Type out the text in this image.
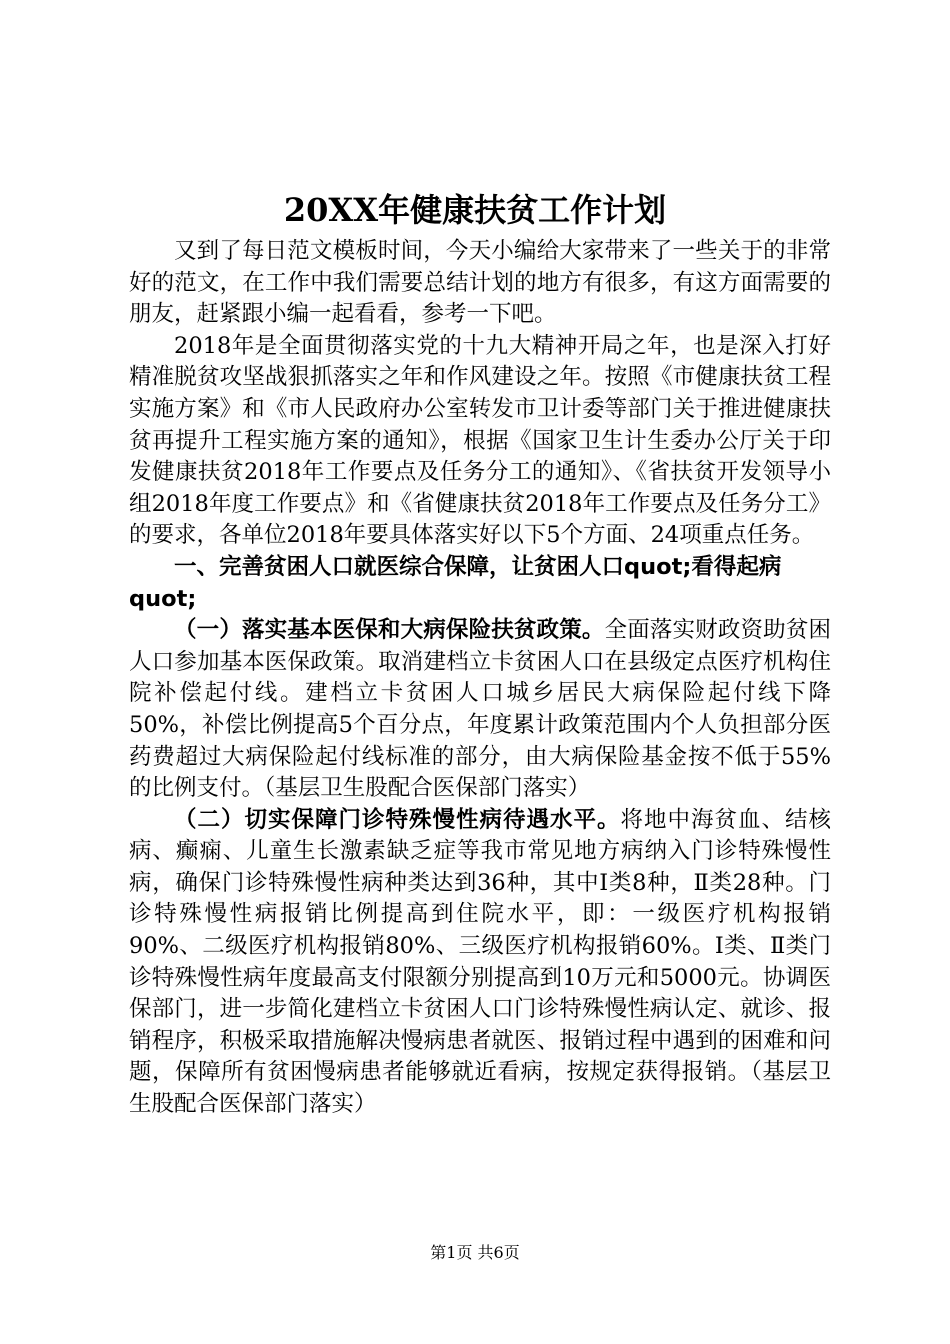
20XX年健康扶贫工作计划

又到了每日范文模板时间，今天小编给大家带来了一些关于的非常好的范文，在工作中我们需要总结计划的地方有很多，有这方面需要的朋友，赶紧跟小编一起看看，参考一下吧。

2018年是全面贯彻落实党的十九大精神开局之年，也是深入打好精准脱贫攻坚战狠抓落实之年和作风建设之年。按照《市健康扶贫工程实施方案》和《市人民政府办公室转发市卫计委等部门关于推进健康扶贫再提升工程实施方案的通知》，根据《国家卫生计生委办公厅关于印发健康扶贫2018年工作要点及任务分工的通知》、《省扶贫开发领导小组2018年度工作要点》和《省健康扶贫2018年工作要点及任务分工》的要求，各单位2018年要具体落实好以下5个方面、24项重点任务。

一、完善贫困人口就医综合保障，让贫困人口quot;看得起病quot;

（一）落实基本医保和大病保险扶贫政策。全面落实财政资助贫困人口参加基本医保政策。取消建档立卡贫困人口在县级定点医疗机构住院补偿起付线。建档立卡贫困人口城乡居民大病保险起付线下降50%，补偿比例提高5个百分点，年度累计政策范围内个人负担部分医药费超过大病保险起付线标准的部分，由大病保险基金按不低于55%的比例支付。（基层卫生股配合医保部门落实）

（二）切实保障门诊特殊慢性病待遇水平。将地中海贫血、结核病、癫痫、儿童生长激素缺乏症等我市常见地方病纳入门诊特殊慢性病，确保门诊特殊慢性病种类达到36种，其中Ⅰ类8种，Ⅱ类28种。门诊特殊慢性病报销比例提高到住院水平，即：一级医疗机构报销90%、二级医疗机构报销80%、三级医疗机构报销60%。Ⅰ类、Ⅱ类门诊特殊慢性病年度最高支付限额分别提高到10万元和5000元。协调医保部门，进一步简化建档立卡贫困人口门诊特殊慢性病认定、就诊、报销程序，积极采取措施解决慢病患者就医、报销过程中遇到的困难和问题，保障所有贫困慢病患者能够就近看病，按规定获得报销。（基层卫生股配合医保部门落实）

第1页 共6页
